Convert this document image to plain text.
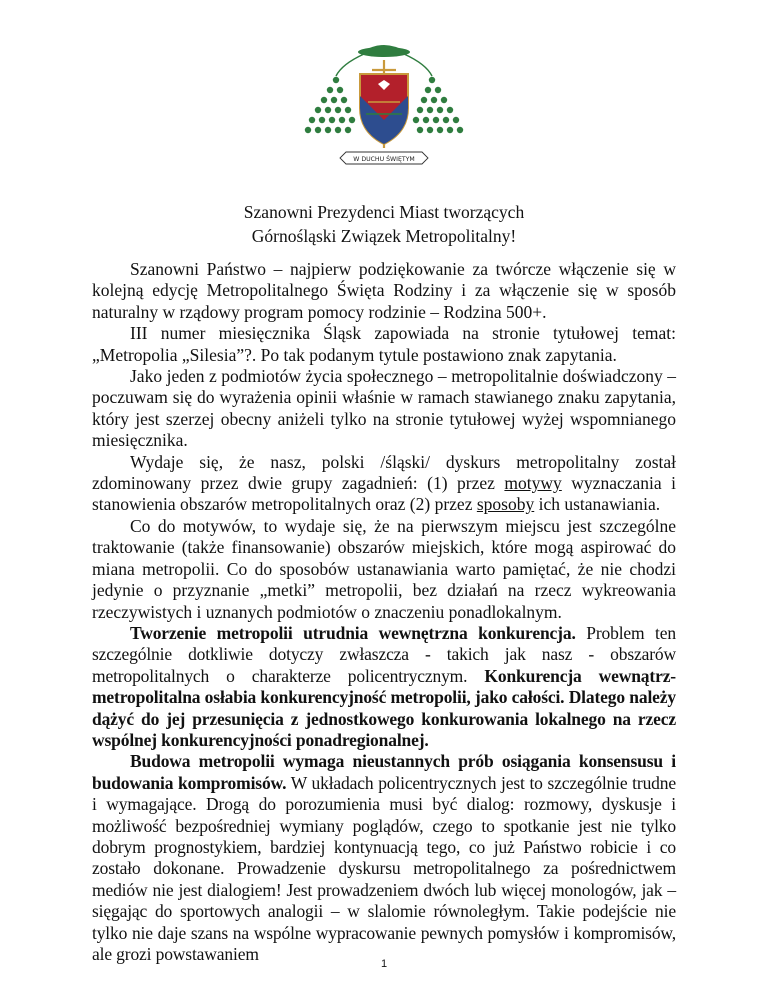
W DUCHU ŚWIĘTYM
Szanowni Prezydenci Miast tworzących
Górnośląski Związek Metropolitalny!

Szanowni Państwo – najpierw podziękowanie za twórcze włączenie się w kolejną edycję Metropolitalnego Święta Rodziny i za włączenie się w sposób naturalny w rządowy program pomocy rodzinie – Rodzina 500+.

III numer miesięcznika Śląsk zapowiada na stronie tytułowej temat: „Metropolia „Silesia”?. Po tak podanym tytule postawiono znak zapytania.

Jako jeden z podmiotów życia społecznego – metropolitalnie doświadczony – poczuwam się do wyrażenia opinii właśnie w ramach stawianego znaku zapytania, który jest szerzej obecny aniżeli tylko na stronie tytułowej wyżej wspomnianego miesięcznika.

Wydaje się, że nasz, polski /śląski/ dyskurs metropolitalny został zdominowany przez dwie grupy zagadnień: (1) przez motywy wyznaczania i stanowienia obszarów metropolitalnych oraz (2) przez sposoby ich ustanawiania.

Co do motywów, to wydaje się, że na pierwszym miejscu jest szczególne traktowanie (także finansowanie) obszarów miejskich, które mogą aspirować do miana metropolii. Co do sposobów ustanawiania warto pamiętać, że nie chodzi jedynie o przyznanie „metki” metropolii, bez działań na rzecz wykreowania rzeczywistych i uznanych podmiotów o znaczeniu ponadlokalnym.

Tworzenie metropolii utrudnia wewnętrzna konkurencja. Problem ten szczególnie dotkliwie dotyczy zwłaszcza - takich jak nasz - obszarów metropolitalnych o charakterze policentrycznym. Konkurencja wewnątrz-metropolitalna osłabia konkurencyjność metropolii, jako całości. Dlatego należy dążyć do jej przesunięcia z jednostkowego konkurowania lokalnego na rzecz wspólnej konkurencyjności ponadregionalnej.

Budowa metropolii wymaga nieustannych prób osiągania konsensusu i budowania kompromisów. W układach policentrycznych jest to szczególnie trudne i wymagające. Drogą do porozumienia musi być dialog: rozmowy, dyskusje i możliwość bezpośredniej wymiany poglądów, czego to spotkanie jest nie tylko dobrym prognostykiem, bardziej kontynuacją tego, co już Państwo robicie i co zostało dokonane. Prowadzenie dyskursu metropolitalnego za pośrednictwem mediów nie jest dialogiem! Jest prowadzeniem dwóch lub więcej monologów, jak – sięgając do sportowych analogii – w slalomie równoległym. Takie podejście nie tylko nie daje szans na wspólne wypracowanie pewnych pomysłów i kompromisów, ale grozi powstawaniem	1
